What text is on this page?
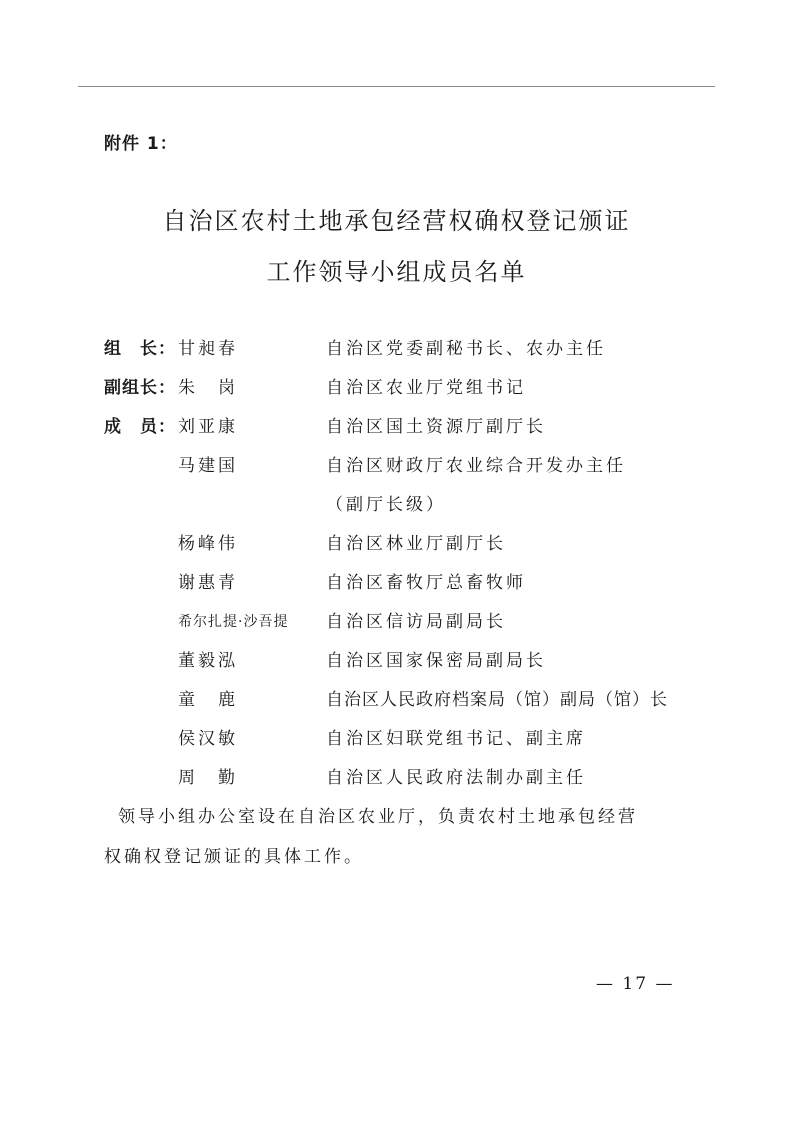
附件 1：
自治区农村土地承包经营权确权登记颁证
工作领导小组成员名单
组　长： 甘昶春	自治区党委副秘书长、农办主任
副组长： 朱　岗	自治区农业厅党组书记
成　员： 刘亚康	自治区国土资源厅副厅长
马建国	自治区财政厅农业综合开发办主任
（副厅长级）
杨峰伟	自治区林业厅副厅长
谢惠青	自治区畜牧厅总畜牧师
希尔扎提·沙吾提 自治区信访局副局长
董毅泓	自治区国家保密局副局长
童　鹿	自治区人民政府档案局（馆）副局（馆）长
侯汉敏	自治区妇联党组书记、副主席
周　勤	自治区人民政府法制办副主任
领导小组办公室设在自治区农业厅，负责农村土地承包经营
权确权登记颁证的具体工作。
— 17 —
